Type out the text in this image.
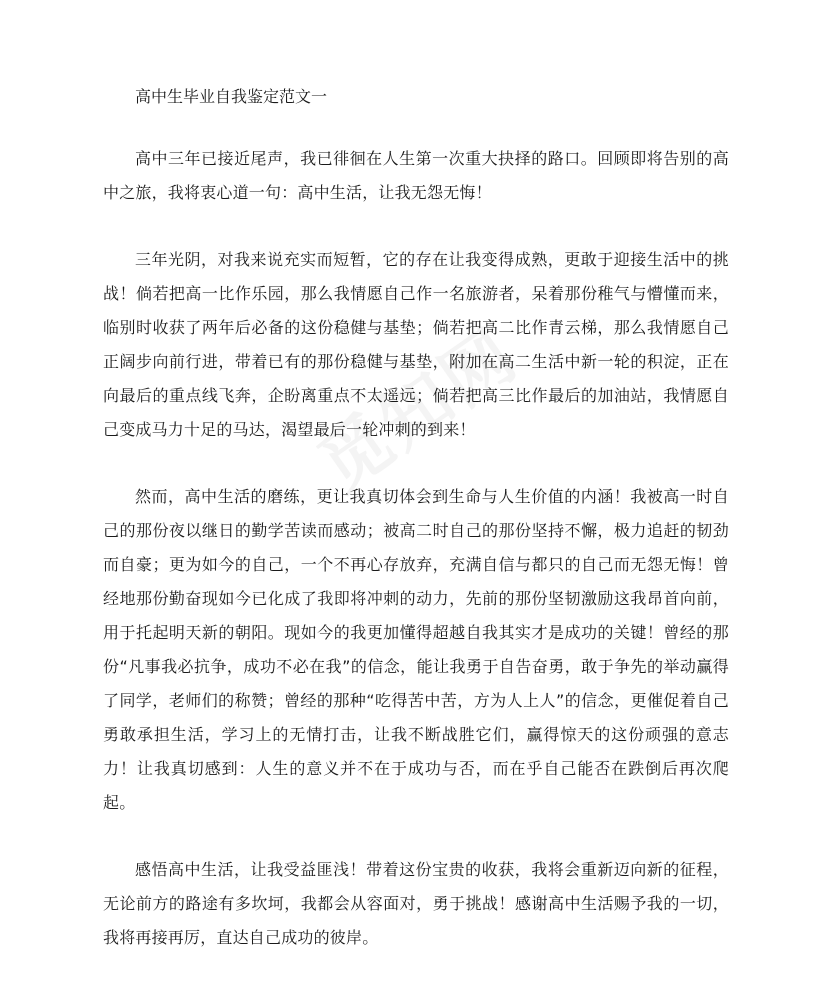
高中生毕业自我鉴定范文一

高中三年已接近尾声，我已徘徊在人生第一次重大抉择的路口。回顾即将告别的高中之旅，我将衷心道一句：高中生活，让我无怨无悔！

三年光阴，对我来说充实而短暂，它的存在让我变得成熟，更敢于迎接生活中的挑战！倘若把高一比作乐园，那么我情愿自己作一名旅游者，呆着那份稚气与懵懂而来，临别时收获了两年后必备的这份稳健与基垫；倘若把高二比作青云梯，那么我情愿自己正阔步向前行进，带着已有的那份稳健与基垫，附加在高二生活中新一轮的积淀，正在向最后的重点线飞奔，企盼离重点不太遥远；倘若把高三比作最后的加油站，我情愿自己变成马力十足的马达，渴望最后一轮冲刺的到来！

然而，高中生活的磨练，更让我真切体会到生命与人生价值的内涵！我被高一时自己的那份夜以继日的勤学苦读而感动；被高二时自己的那份坚持不懈，极力追赶的韧劲而自豪；更为如今的自己，一个不再心存放弃，充满自信与都只的自己而无怨无悔！曾经地那份勤奋现如今已化成了我即将冲刺的动力，先前的那份坚韧激励这我昂首向前，用于托起明天新的朝阳。现如今的我更加懂得超越自我其实才是成功的关键！曾经的那份“凡事我必抗争，成功不必在我”的信念，能让我勇于自告奋勇，敢于争先的举动赢得了同学，老师们的称赞；曾经的那种“吃得苦中苦，方为人上人”的信念，更催促着自己勇敢承担生活，学习上的无情打击，让我不断战胜它们，赢得惊天的这份顽强的意志力！让我真切感到：人生的意义并不在于成功与否，而在乎自己能否在跌倒后再次爬起。

感悟高中生活，让我受益匪浅！带着这份宝贵的收获，我将会重新迈向新的征程，无论前方的路途有多坎坷，我都会从容面对，勇于挑战！感谢高中生活赐予我的一切，我将再接再厉，直达自己成功的彼岸。
